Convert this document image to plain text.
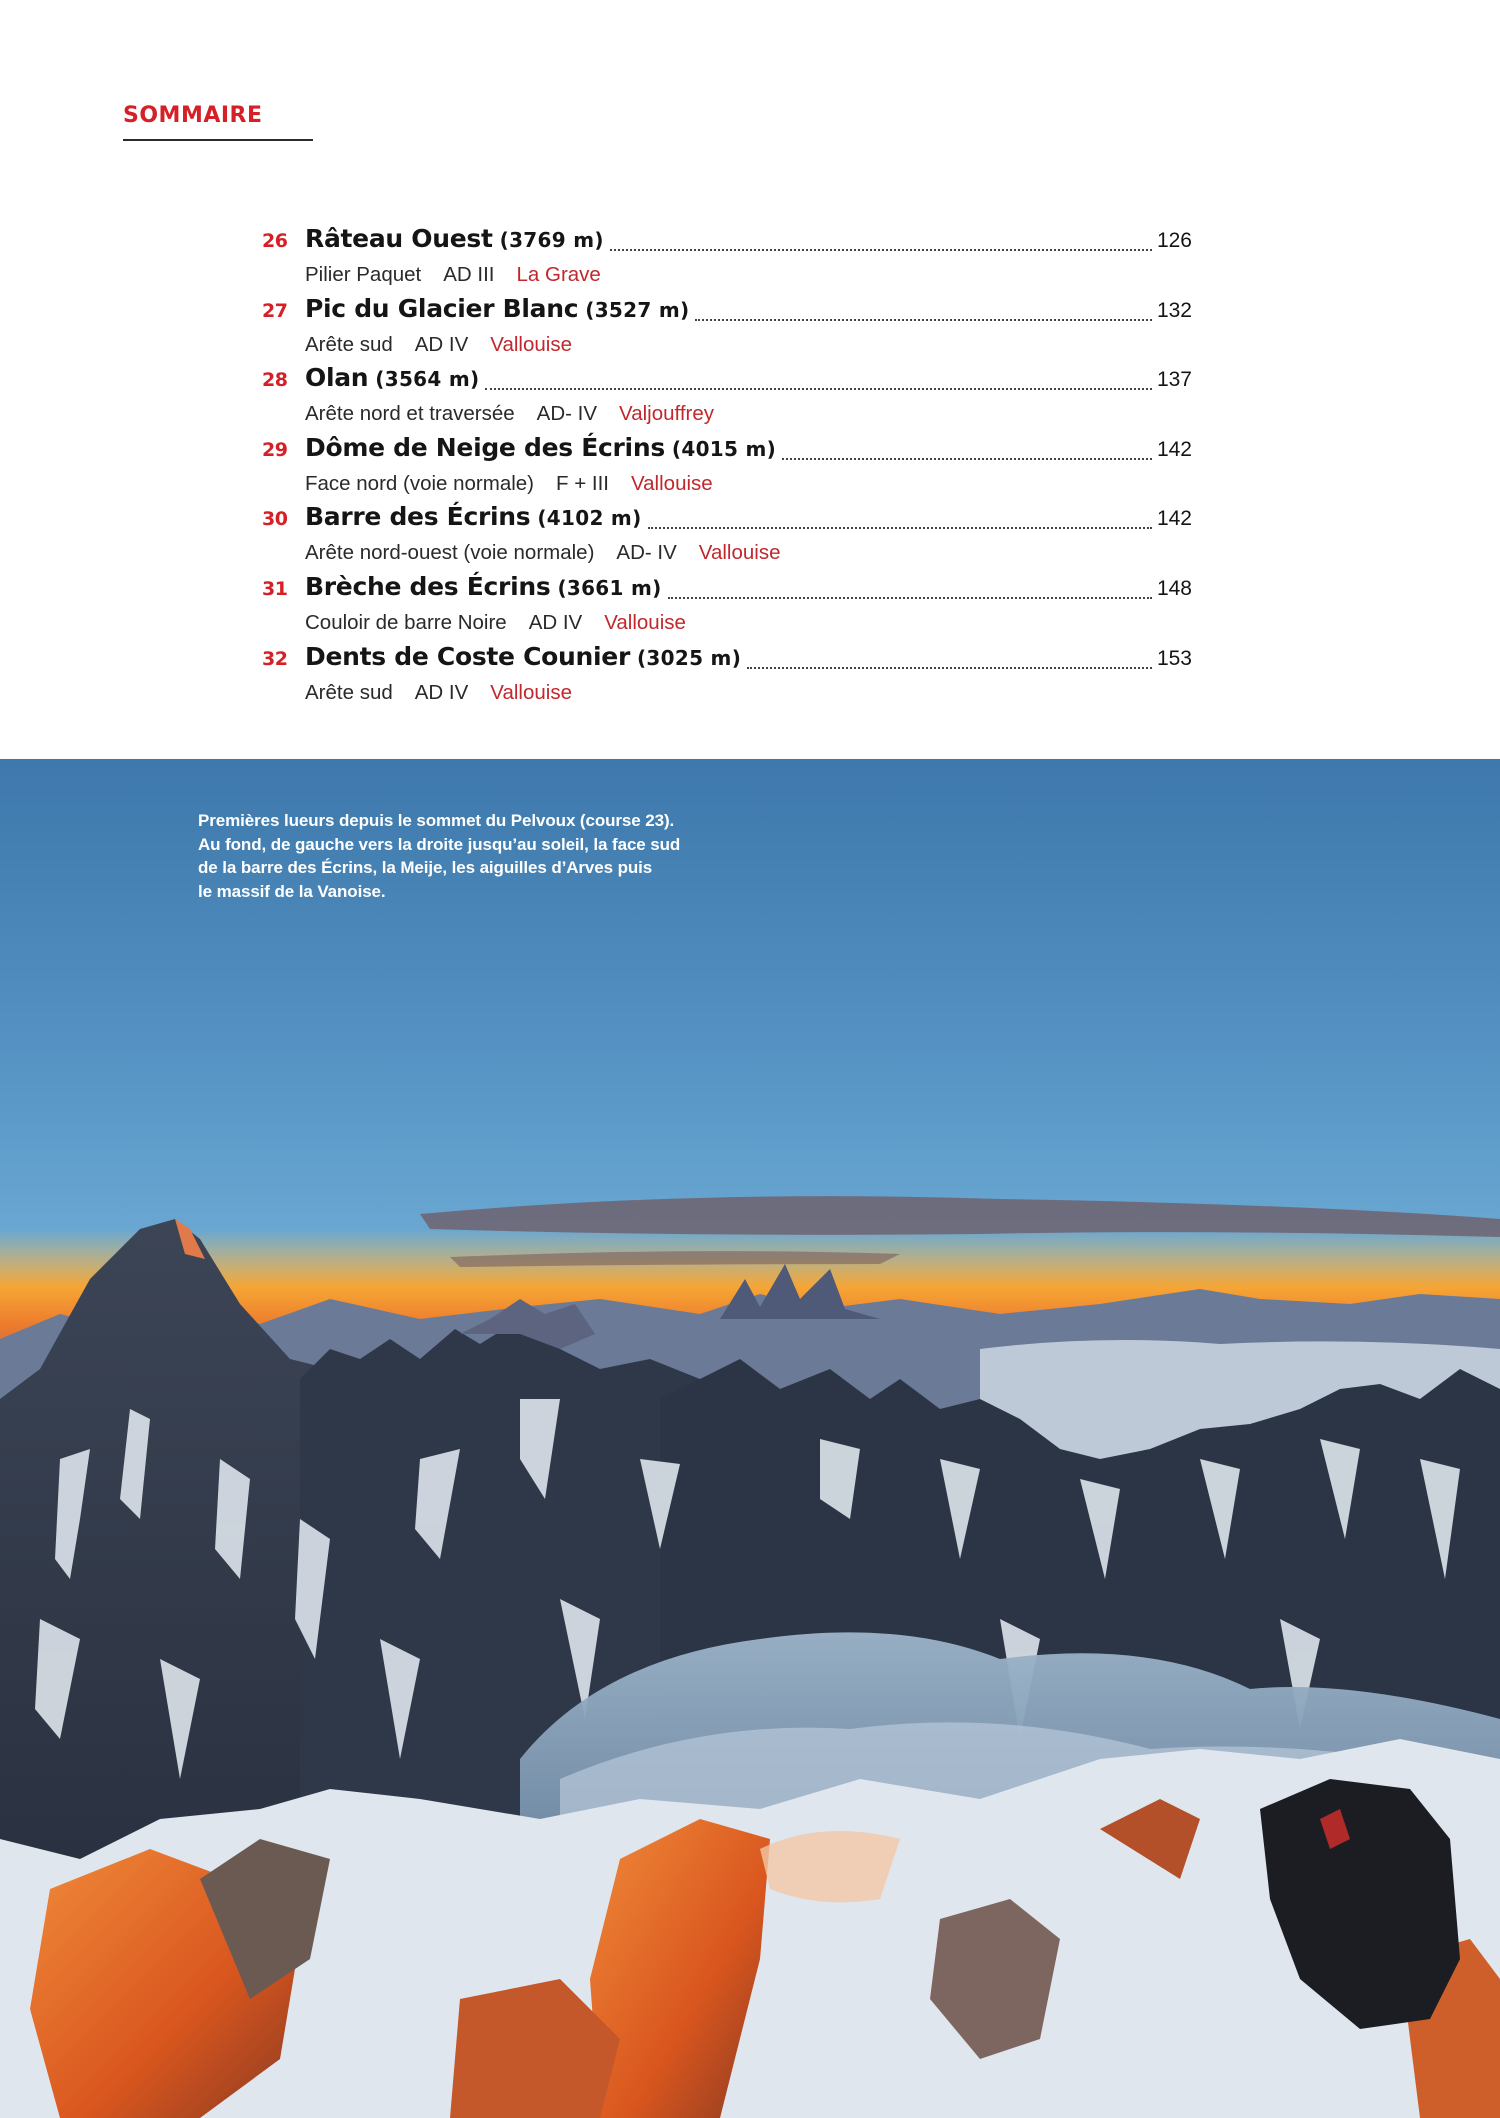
SOMMAIRE
26 Râteau Ouest (3769 m)	126
Pilier Paquet AD III La Grave
27 Pic du Glacier Blanc (3527 m)	132
Arête sud AD IV Vallouise
28 Olan (3564 m)	137
Arête nord et traversée AD- IV Valjouffrey
29 Dôme de Neige des Écrins (4015 m)	142
Face nord (voie normale) F + III Vallouise
30 Barre des Écrins (4102 m)	142
Arête nord-ouest (voie normale) AD- IV Vallouise
31 Brèche des Écrins (3661 m)	148
Couloir de barre Noire AD IV Vallouise
32 Dents de Coste Counier (3025 m)	153
Arête sud AD IV Vallouise
Premières lueurs depuis le sommet du Pelvoux (course 23).
Au fond, de gauche vers la droite jusqu’au soleil, la face sud
de la barre des Écrins, la Meije, les aiguilles d’Arves puis
le massif de la Vanoise.
